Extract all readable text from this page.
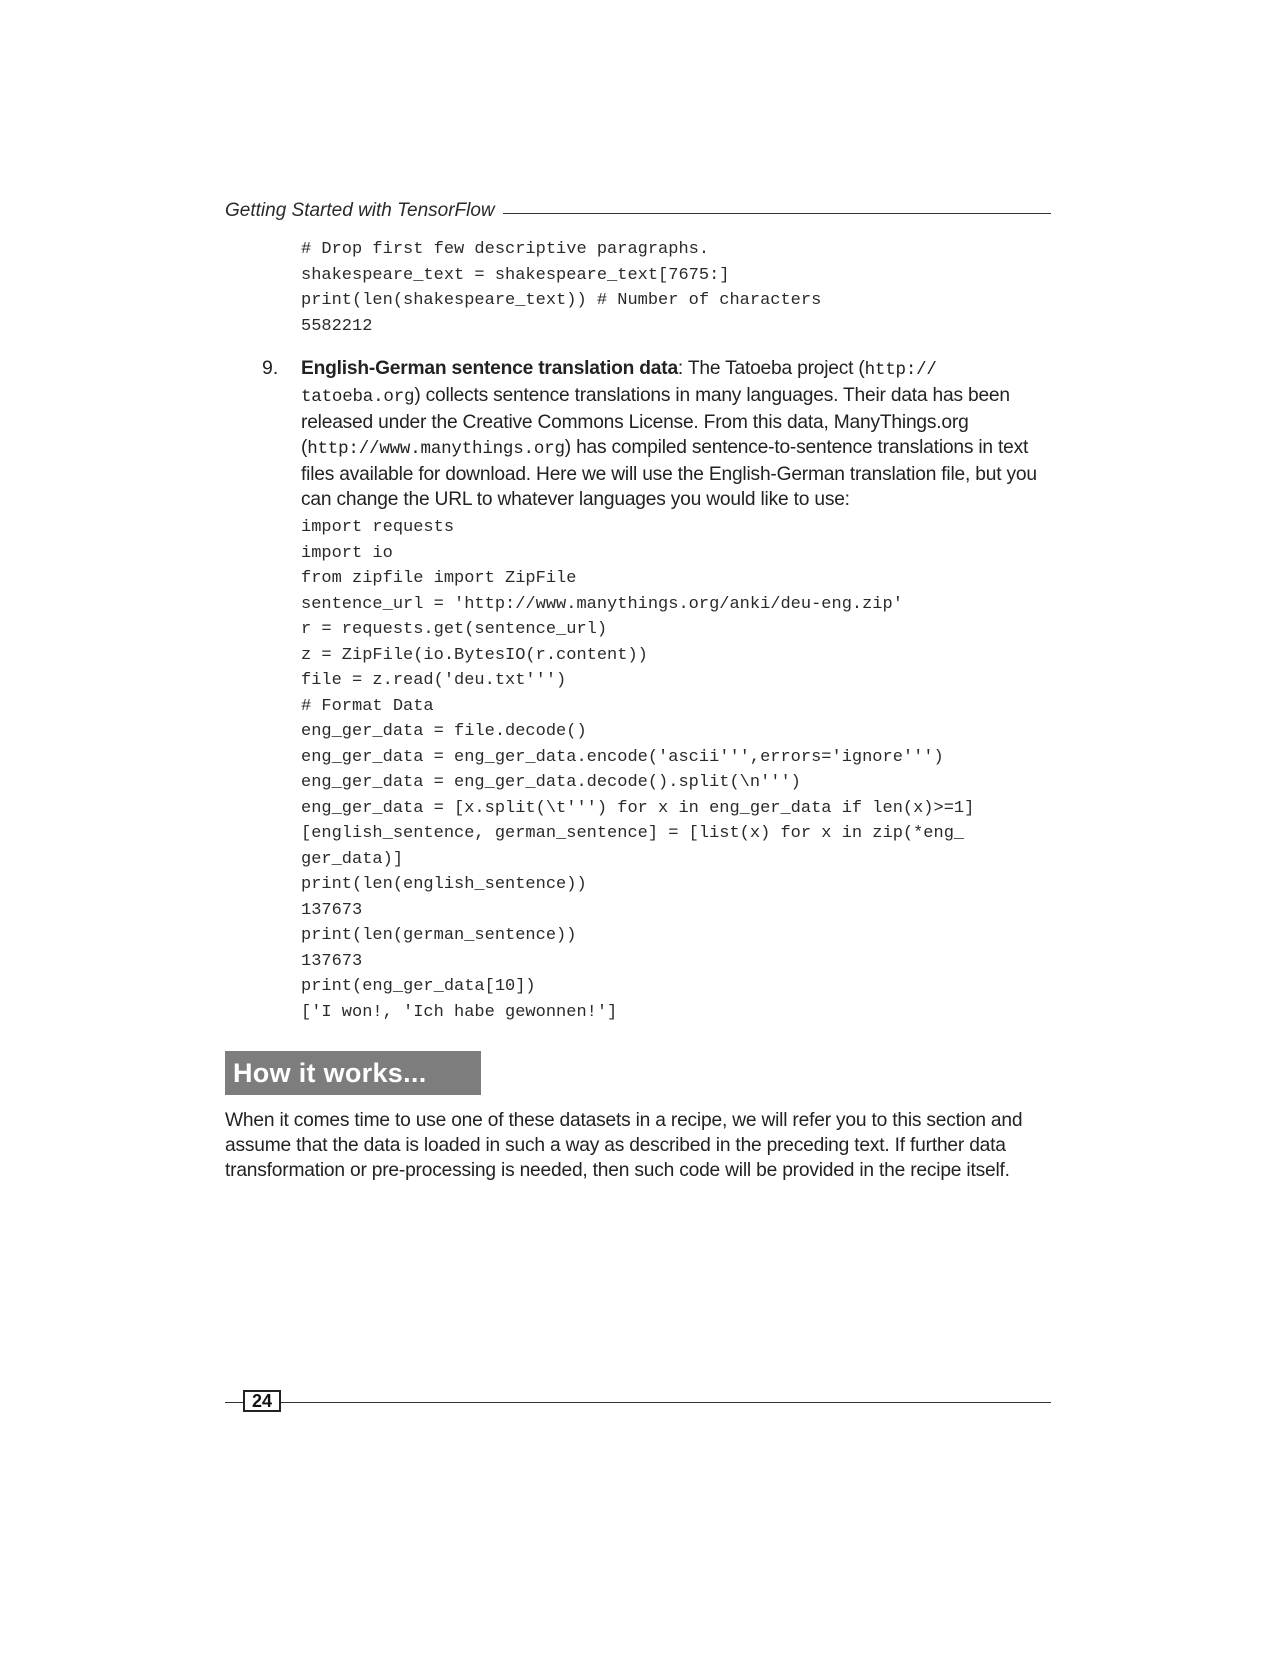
Getting Started with TensorFlow
# Drop first few descriptive paragraphs.
shakespeare_text = shakespeare_text[7675:]
print(len(shakespeare_text)) # Number of characters
5582212
9. English-German sentence translation data: The Tatoeba project (http://
tatoeba.org) collects sentence translations in many languages. Their data has been released under the Creative Commons License. From this data, ManyThings.org (http://www.manythings.org) has compiled sentence-to-sentence translations in text files available for download. Here we will use the English-German translation file, but you can change the URL to whatever languages you would like to use:
import requests
import io
from zipfile import ZipFile
sentence_url = 'http://www.manythings.org/anki/deu-eng.zip'
r = requests.get(sentence_url)
z = ZipFile(io.BytesIO(r.content))
file = z.read('deu.txt''')
# Format Data
eng_ger_data = file.decode()
eng_ger_data = eng_ger_data.encode('ascii''',errors='ignore''')
eng_ger_data = eng_ger_data.decode().split(\n''')
eng_ger_data = [x.split(\t''') for x in eng_ger_data if len(x)>=1]
[english_sentence, german_sentence] = [list(x) for x in zip(*eng_
ger_data)]
print(len(english_sentence))
137673
print(len(german_sentence))
137673
print(eng_ger_data[10])
['I won!, 'Ich habe gewonnen!']
How it works...
When it comes time to use one of these datasets in a recipe, we will refer you to this section and assume that the data is loaded in such a way as described in the preceding text. If further data transformation or pre-processing is needed, then such code will be provided in the recipe itself.
24
